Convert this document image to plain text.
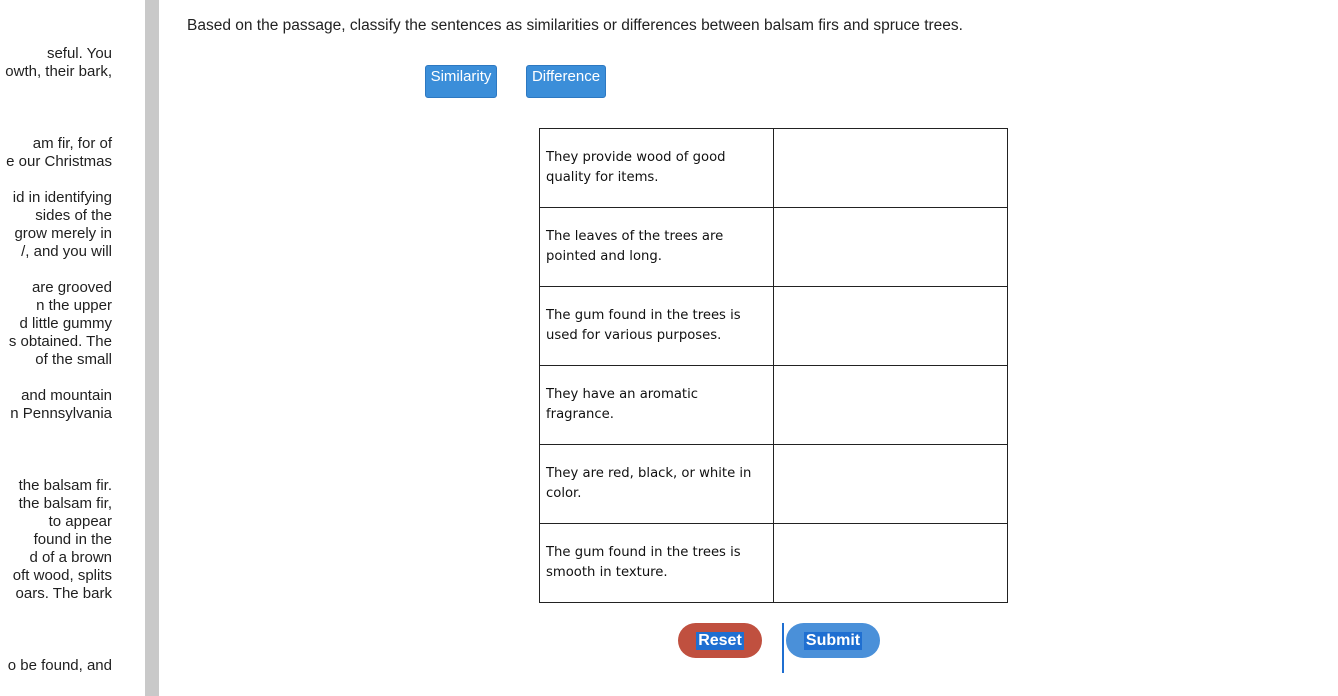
seful. You
owth, their bark,
am fir, for of
e our Christmas
id in identifying
sides of the
grow merely in
/, and you will
are grooved
n the upper
d little gummy
s obtained. The
of the small
and mountain
n Pennsylvania
the balsam fir.
the balsam fir,
to appear
found in the
d of a brown
oft wood, splits
oars. The bark
o be found, and
Based on the passage, classify the sentences as similarities or differences between balsam firs and spruce trees.
Similarity	Difference
They provide wood of good quality for items.	
The leaves of the trees are pointed and long.	
The gum found in the trees is used for various purposes.	
They have an aromatic fragrance.	
They are red, black, or white in color.	
The gum found in the trees is smooth in texture.	
Reset	Submit
